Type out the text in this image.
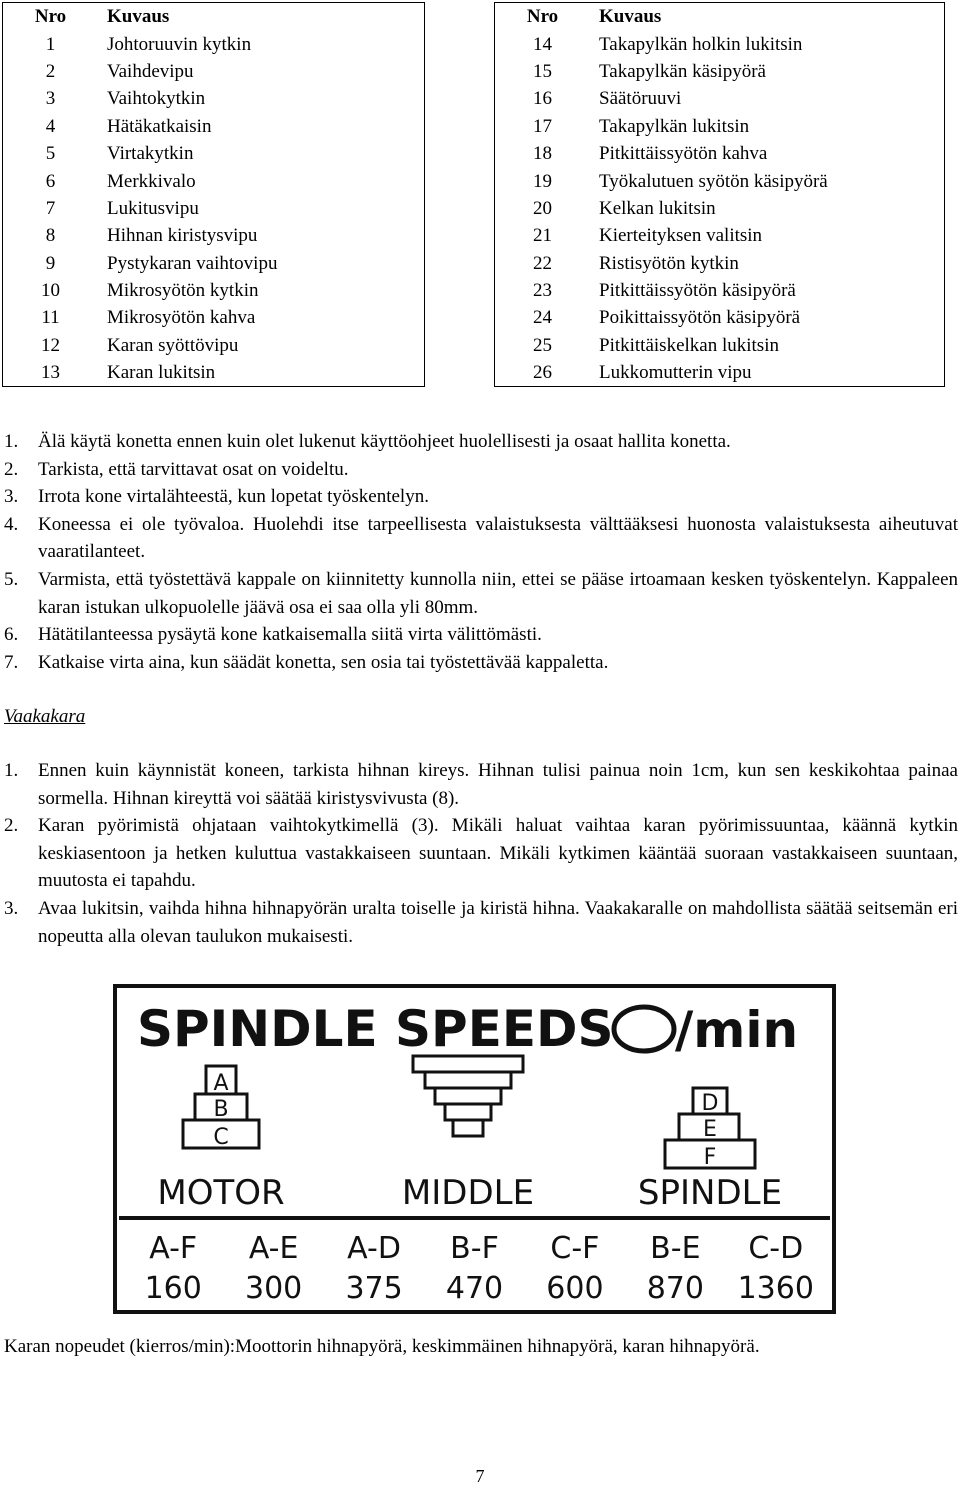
Nro	Kuvaus
1	Johtoruuvin kytkin
2	Vaihdevipu
3	Vaihtokytkin
4	Hätäkatkaisin
5	Virtakytkin
6	Merkkivalo
7	Lukitusvipu
8	Hihnan kiristysvipu
9	Pystykaran vaihtovipu
10	Mikrosyötön kytkin
11	Mikrosyötön kahva
12	Karan syöttövipu
13	Karan lukitsin
Nro	Kuvaus
14	Takapylkän holkin lukitsin
15	Takapylkän käsipyörä
16	Säätöruuvi
17	Takapylkän lukitsin
18	Pitkittäissyötön kahva
19	Työkalutuen syötön käsipyörä
20	Kelkan lukitsin
21	Kierteityksen valitsin
22	Ristisyötön kytkin
23	Pitkittäissyötön käsipyörä
24	Poikittaissyötön käsipyörä
25	Pitkittäiskelkan lukitsin
26	Lukkomutterin vipu
1. Älä käytä konetta ennen kuin olet lukenut käyttöohjeet huolellisesti ja osaat hallita konetta.
2. Tarkista, että tarvittavat osat on voideltu.
3. Irrota kone virtalähteestä, kun lopetat työskentelyn.
4. Koneessa ei ole työvaloa. Huolehdi itse tarpeellisesta valaistuksesta välttääksesi huonosta valaistuksesta aiheutuvat vaaratilanteet.
5. Varmista, että työstettävä kappale on kiinnitetty kunnolla niin, ettei se pääse irtoamaan kesken työskentelyn. Kappaleen karan istukan ulkopuolelle jäävä osa ei saa olla yli 80mm.
6. Hätätilanteessa pysäytä kone katkaisemalla siitä virta välittömästi.
7. Katkaise virta aina, kun säädät konetta, sen osia tai työstettävää kappaletta.
Vaakakara
1. Ennen kuin käynnistät koneen, tarkista hihnan kireys. Hihnan tulisi painua noin 1cm, kun sen keskikohtaa painaa sormella. Hihnan kireyttä voi säätää kiristysvivusta (8).
2. Karan pyörimistä ohjataan vaihtokytkimellä (3). Mikäli haluat vaihtaa karan pyörimissuuntaa, käännä kytkin keskiasentoon ja hetken kuluttua vastakkaiseen suuntaan. Mikäli kytkimen kääntää suoraan vastakkaiseen suuntaan, muutosta ei tapahdu.
3. Avaa lukitsin, vaihda hihna hihnapyörän uralta toiselle ja kiristä hihna. Vaakakaralle on mahdollista säätää seitsemän eri nopeutta alla olevan taulukon mukaisesti.
SPINDLE SPEEDS /min
A
B
C
D
E
F
MOTOR	MIDDLE	SPINDLE
A-F
160
A-E
300
A-D
375
B-F
470
C-F
600
B-E
870
C-D
1360
Karan nopeudet (kierros/min):Moottorin hihnapyörä, keskimmäinen hihnapyörä, karan hihnapyörä.
7
